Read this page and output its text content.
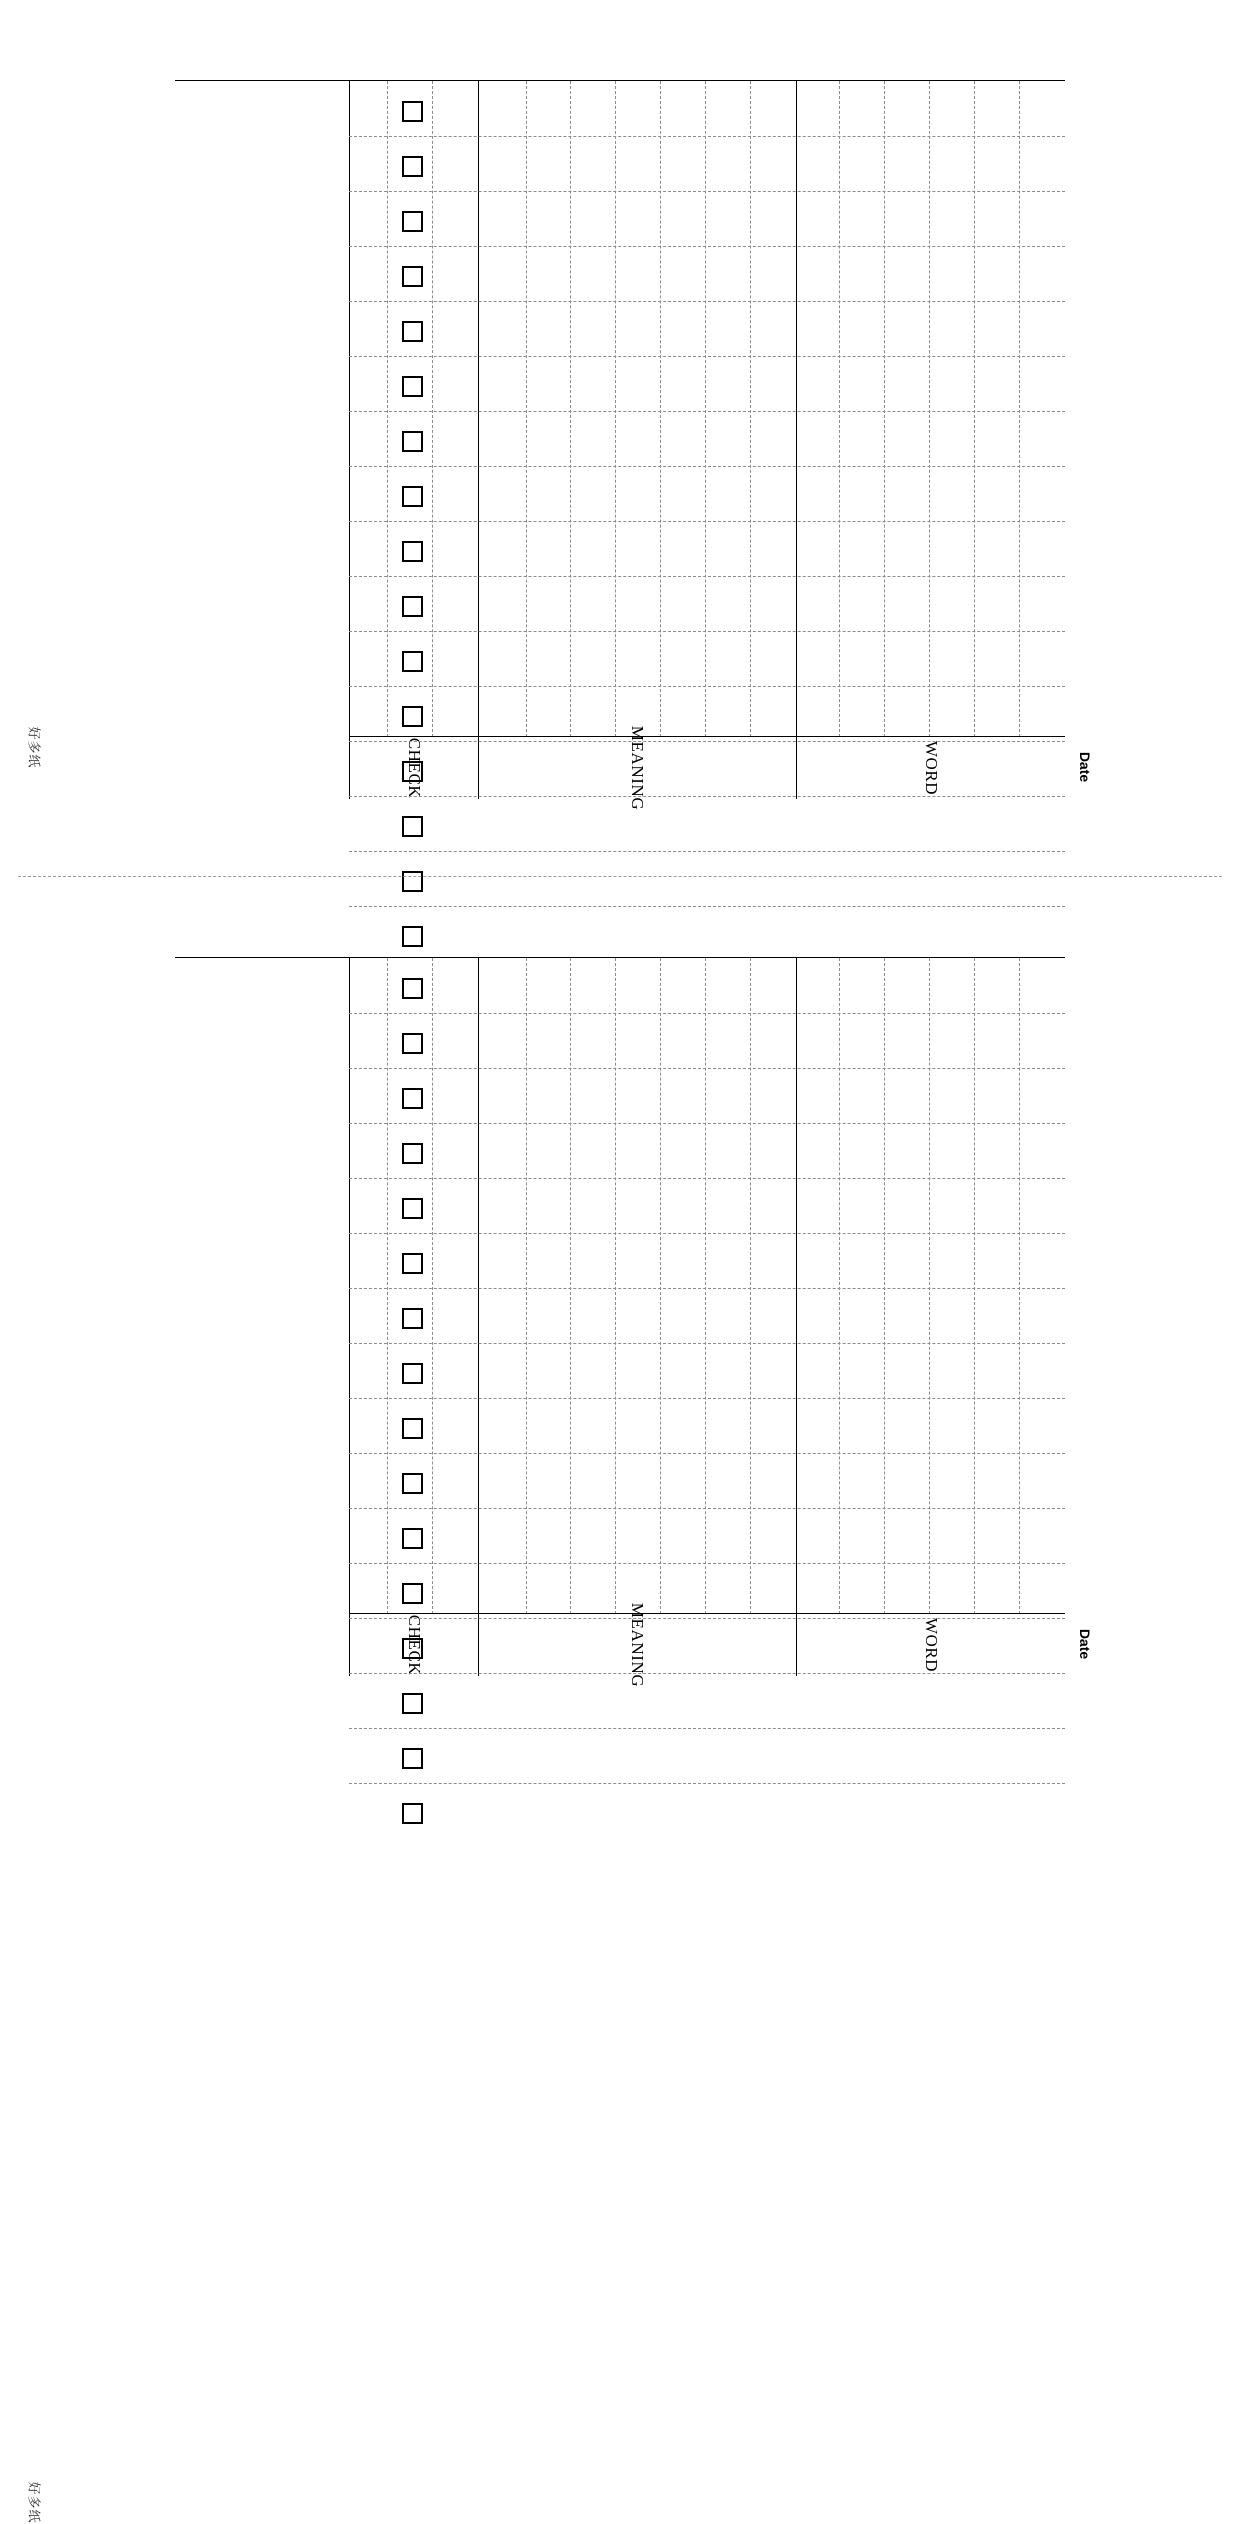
Date
WORD
MEANING
CHECK
好多纸
Date
WORD
MEANING
CHECK
好多纸
